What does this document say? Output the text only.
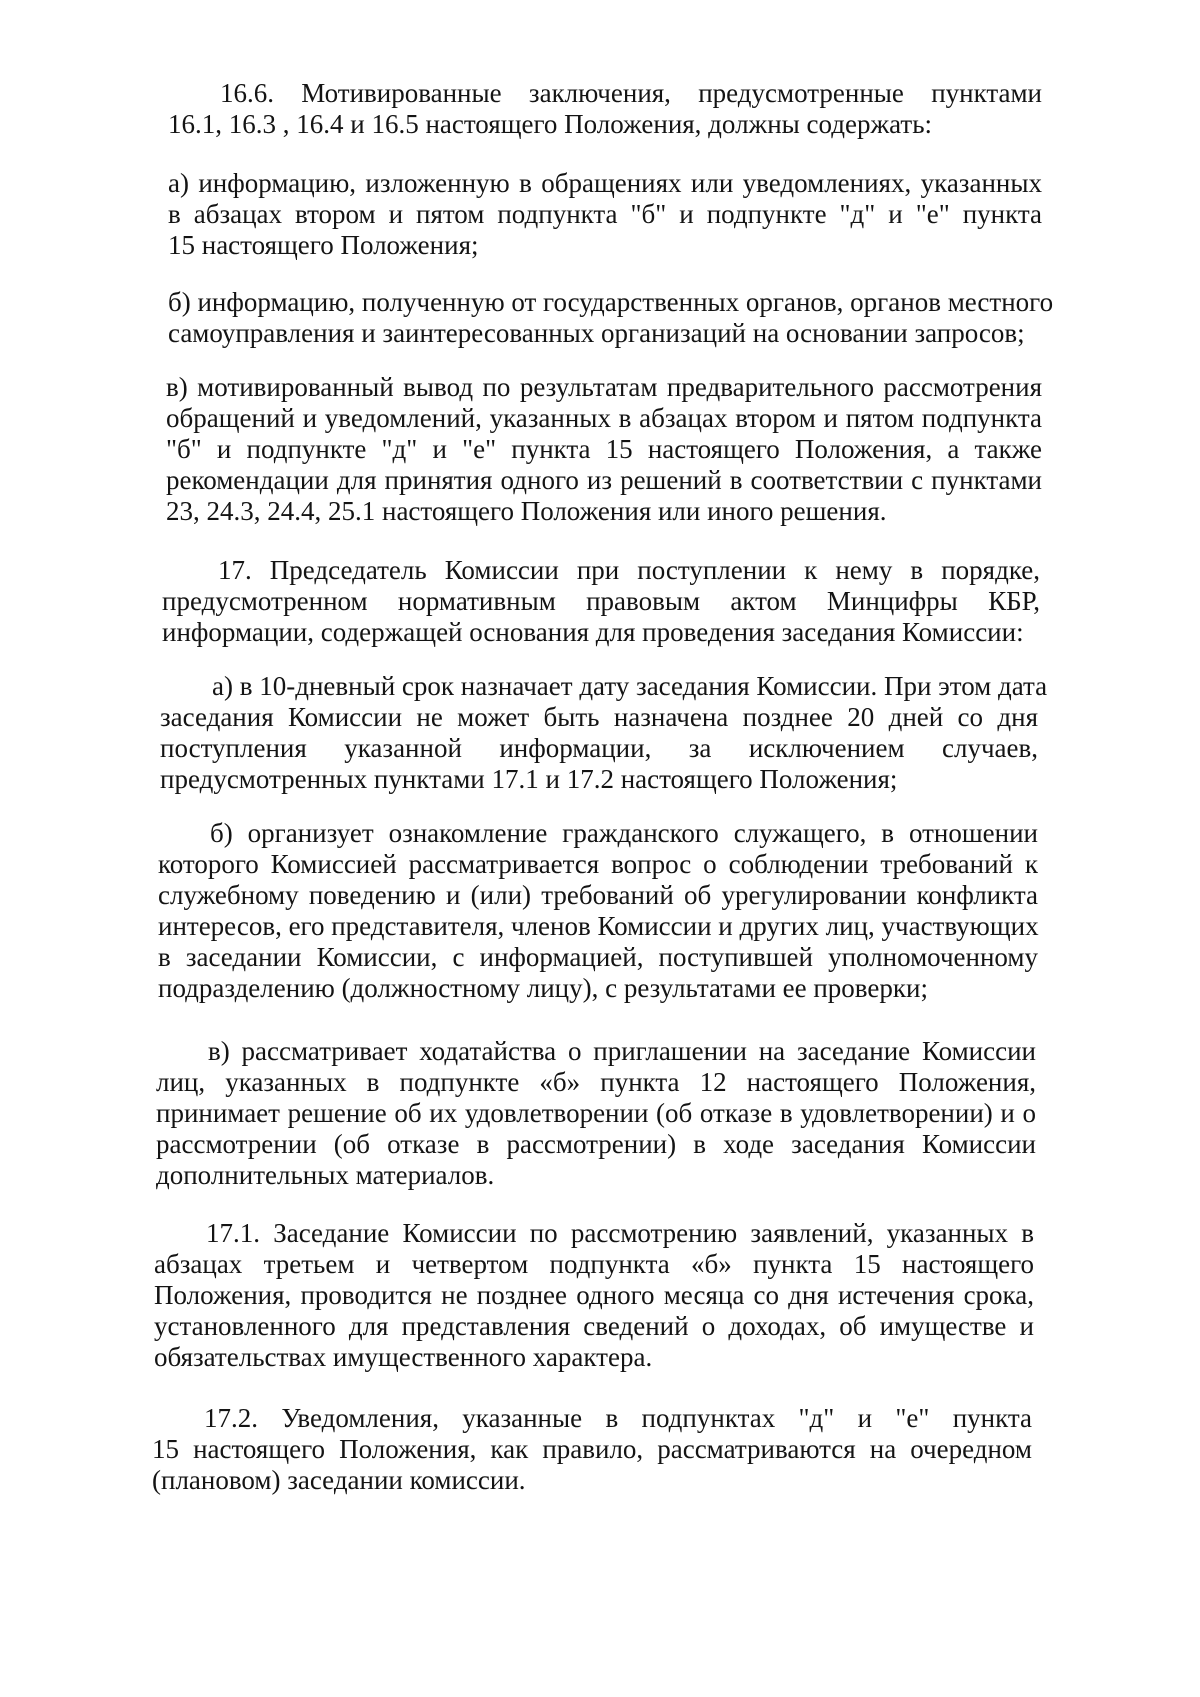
16.6. Мотивированные заключения, предусмотренные пунктами
16.1, 16.3 , 16.4 и 16.5 настоящего Положения, должны содержать:
а) информацию, изложенную в обращениях или уведомлениях, указанных
в абзацах втором и пятом подпункта "б" и подпункте "д" и "е" пункта
15 настоящего Положения;
б) информацию, полученную от государственных органов, органов местного
самоуправления и заинтересованных организаций на основании запросов;
в) мотивированный вывод по результатам предварительного рассмотрения
обращений и уведомлений, указанных в абзацах втором и пятом подпункта
"б" и подпункте "д" и "е" пункта 15 настоящего Положения, а также
рекомендации для принятия одного из решений в соответствии с пунктами
23, 24.3, 24.4, 25.1 настоящего Положения или иного решения.
17. Председатель Комиссии при поступлении к нему в порядке,
предусмотренном нормативным правовым актом Минцифры КБР,
информации, содержащей основания для проведения заседания Комиссии:
а) в 10-дневный срок назначает дату заседания Комиссии. При этом дата
заседания Комиссии не может быть назначена позднее 20 дней со дня
поступления указанной информации, за исключением случаев,
предусмотренных пунктами 17.1 и 17.2 настоящего Положения;
б) организует ознакомление гражданского служащего, в отношении
которого Комиссией рассматривается вопрос о соблюдении требований к
служебному поведению и (или) требований об урегулировании конфликта
интересов, его представителя, членов Комиссии и других лиц, участвующих
в заседании Комиссии, с информацией, поступившей уполномоченному
подразделению (должностному лицу), с результатами ее проверки;
в) рассматривает ходатайства о приглашении на заседание Комиссии
лиц, указанных в подпункте «б» пункта 12 настоящего Положения,
принимает решение об их удовлетворении (об отказе в удовлетворении) и о
рассмотрении (об отказе в рассмотрении) в ходе заседания Комиссии
дополнительных материалов.
17.1. Заседание Комиссии по рассмотрению заявлений, указанных в
абзацах третьем и четвертом подпункта «б» пункта 15 настоящего
Положения, проводится не позднее одного месяца со дня истечения срока,
установленного для представления сведений о доходах, об имуществе и
обязательствах имущественного характера.
17.2. Уведомления, указанные в подпунктах "д" и "е" пункта
15 настоящего Положения, как правило, рассматриваются на очередном
(плановом) заседании комиссии.
